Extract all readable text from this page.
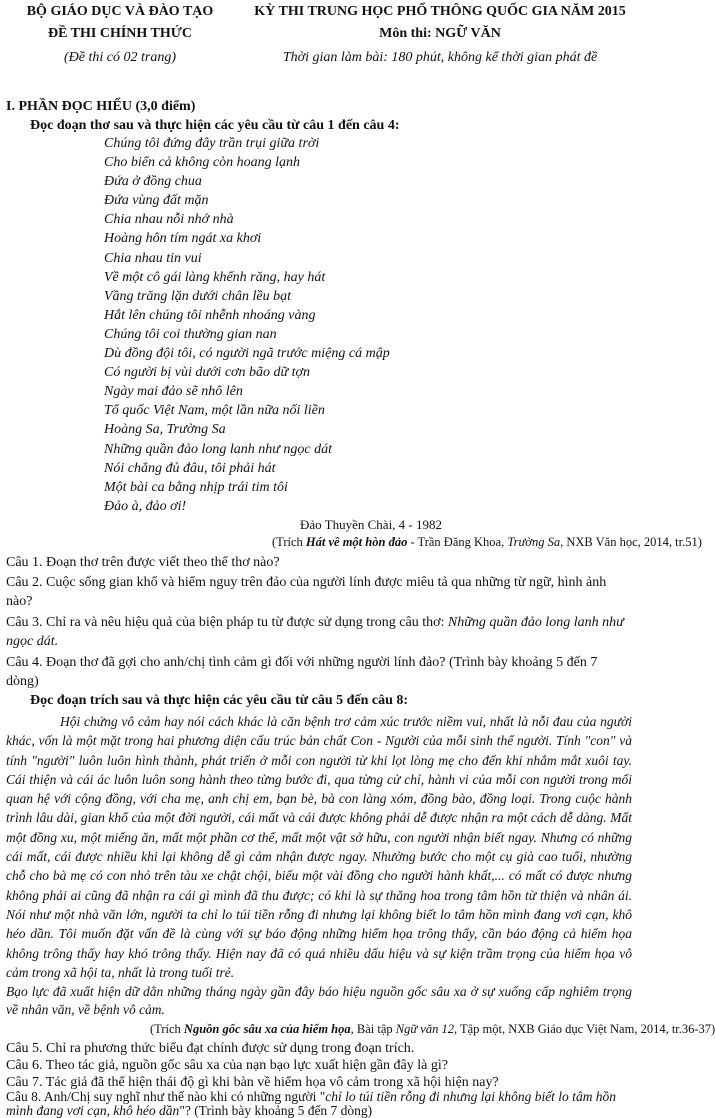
BỘ GIÁO DỤC VÀ ĐÀO TẠO
ĐỀ THI CHÍNH THỨC
(Đề thi có 02 trang)
KỲ THI TRUNG HỌC PHỔ THÔNG QUỐC GIA NĂM 2015
Môn thi: NGỮ VĂN
Thời gian làm bài: 180 phút, không kể thời gian phát đề
I. PHẦN ĐỌC HIỂU (3,0 điểm)
Đọc đoạn thơ sau và thực hiện các yêu cầu từ câu 1 đến câu 4:
Chúng tôi đứng đây trần trụi giữa trời
Cho biển cả không còn hoang lạnh
Đứa ở đồng chua
Đứa vùng đất mặn
Chia nhau nỗi nhớ nhà
Hoàng hôn tím ngát xa khơi
Chia nhau tin vui
Về một cô gái làng khểnh răng, hay hát
Vầng trăng lặn dưới chân lều bạt
Hắt lên chúng tôi nhễnh nhoáng vàng
Chúng tôi coi thường gian nan
Dù đồng đội tôi, có người ngã trước miệng cá mập
Có người bị vùi dưới cơn bão dữ tợn
Ngày mai đảo sẽ nhô lên
Tổ quốc Việt Nam, một lần nữa nối liền
Hoàng Sa, Trường Sa
Những quần đảo long lanh như ngọc dát
Nói chẳng đủ đâu, tôi phải hát
Một bài ca bằng nhịp trái tim tôi
Đảo à, đảo ơi!
Đảo Thuyền Chài, 4 - 1982
(Trích Hát về một hòn đảo - Trần Đăng Khoa, Trường Sa, NXB Văn học, 2014, tr.51)
Câu 1. Đoạn thơ trên được viết theo thể thơ nào?
Câu 2. Cuộc sống gian khổ và hiểm nguy trên đảo của người lính được miêu tả qua những từ ngữ, hình ảnh nào?
Câu 3. Chỉ ra và nêu hiệu quả của biện pháp tu từ được sử dụng trong câu thơ: Những quần đảo long lanh như ngọc dát.
Câu 4. Đoạn thơ đã gợi cho anh/chị tình cảm gì đối với những người lính đảo? (Trình bày khoảng 5 đến 7 dòng)
Đọc đoạn trích sau và thực hiện các yêu cầu từ câu 5 đến câu 8:
Hội chứng vô cảm hay nói cách khác là căn bệnh trơ cảm xúc trước niềm vui, nhất là nỗi đau của người khác, vốn là một mặt trong hai phương diện cấu trúc bản chất Con - Người của mỗi sinh thể người. Tính "con" và tính "người" luôn luôn hình thành, phát triển ở mỗi con người từ khi lọt lòng mẹ cho đến khi nhắm mắt xuôi tay. Cái thiện và cái ác luôn luôn song hành theo từng bước đi, qua từng cử chỉ, hành vi của mỗi con người trong mối quan hệ với cộng đồng, với cha mẹ, anh chị em, bạn bè, bà con làng xóm, đồng bào, đồng loại. Trong cuộc hành trình lâu dài, gian khổ của một đời người, cái mất và cái được không phải dễ được nhận ra một cách dễ dàng. Mất một đồng xu, một miếng ăn, mất một phần cơ thể, mất một vật sở hữu, con người nhận biết ngay. Nhưng có những cái mất, cái được nhiều khi lại không dễ gì cảm nhận được ngay. Nhường bước cho một cụ già cao tuổi, nhường chỗ cho bà mẹ có con nhỏ trên tàu xe chật chội, biếu một vài đồng cho người hành khất,... có mất có được nhưng không phải ai cũng đã nhận ra cái gì mình đã thu được; có khi là sự thăng hoa trong tâm hồn từ thiện và nhân ái. Nói như một nhà văn lớn, người ta chỉ lo túi tiền rỗng đi nhưng lại không biết lo tâm hồn mình đang vơi cạn, khô héo dần. Tôi muốn đặt vấn đề là cùng với sự báo động những hiểm họa trông thấy, cần báo động cả hiểm họa không trông thấy hay khó trông thấy. Hiện nay đã có quá nhiều dấu hiệu và sự kiện trầm trọng của hiểm họa vô cảm trong xã hội ta, nhất là trong tuổi trẻ.
Bạo lực đã xuất hiện dữ dằn những tháng ngày gần đây báo hiệu nguồn gốc sâu xa ở sự xuống cấp nghiêm trọng về nhân văn, về bệnh vô cảm.
(Trích Nguồn gốc sâu xa của hiểm họa, Bài tập Ngữ văn 12, Tập một, NXB Giáo dục Việt Nam, 2014, tr.36-37)
Câu 5. Chỉ ra phương thức biểu đạt chính được sử dụng trong đoạn trích.
Câu 6. Theo tác giả, nguồn gốc sâu xa của nạn bạo lực xuất hiện gần đây là gì?
Câu 7. Tác giả đã thể hiện thái độ gì khi bàn về hiểm họa vô cảm trong xã hội hiện nay?
Câu 8. Anh/Chị suy nghĩ như thế nào khi có những người "chỉ lo túi tiền rỗng đi nhưng lại không biết lo tâm hồn mình đang vơi cạn, khô héo dần"? (Trình bày khoảng 5 đến 7 dòng)
